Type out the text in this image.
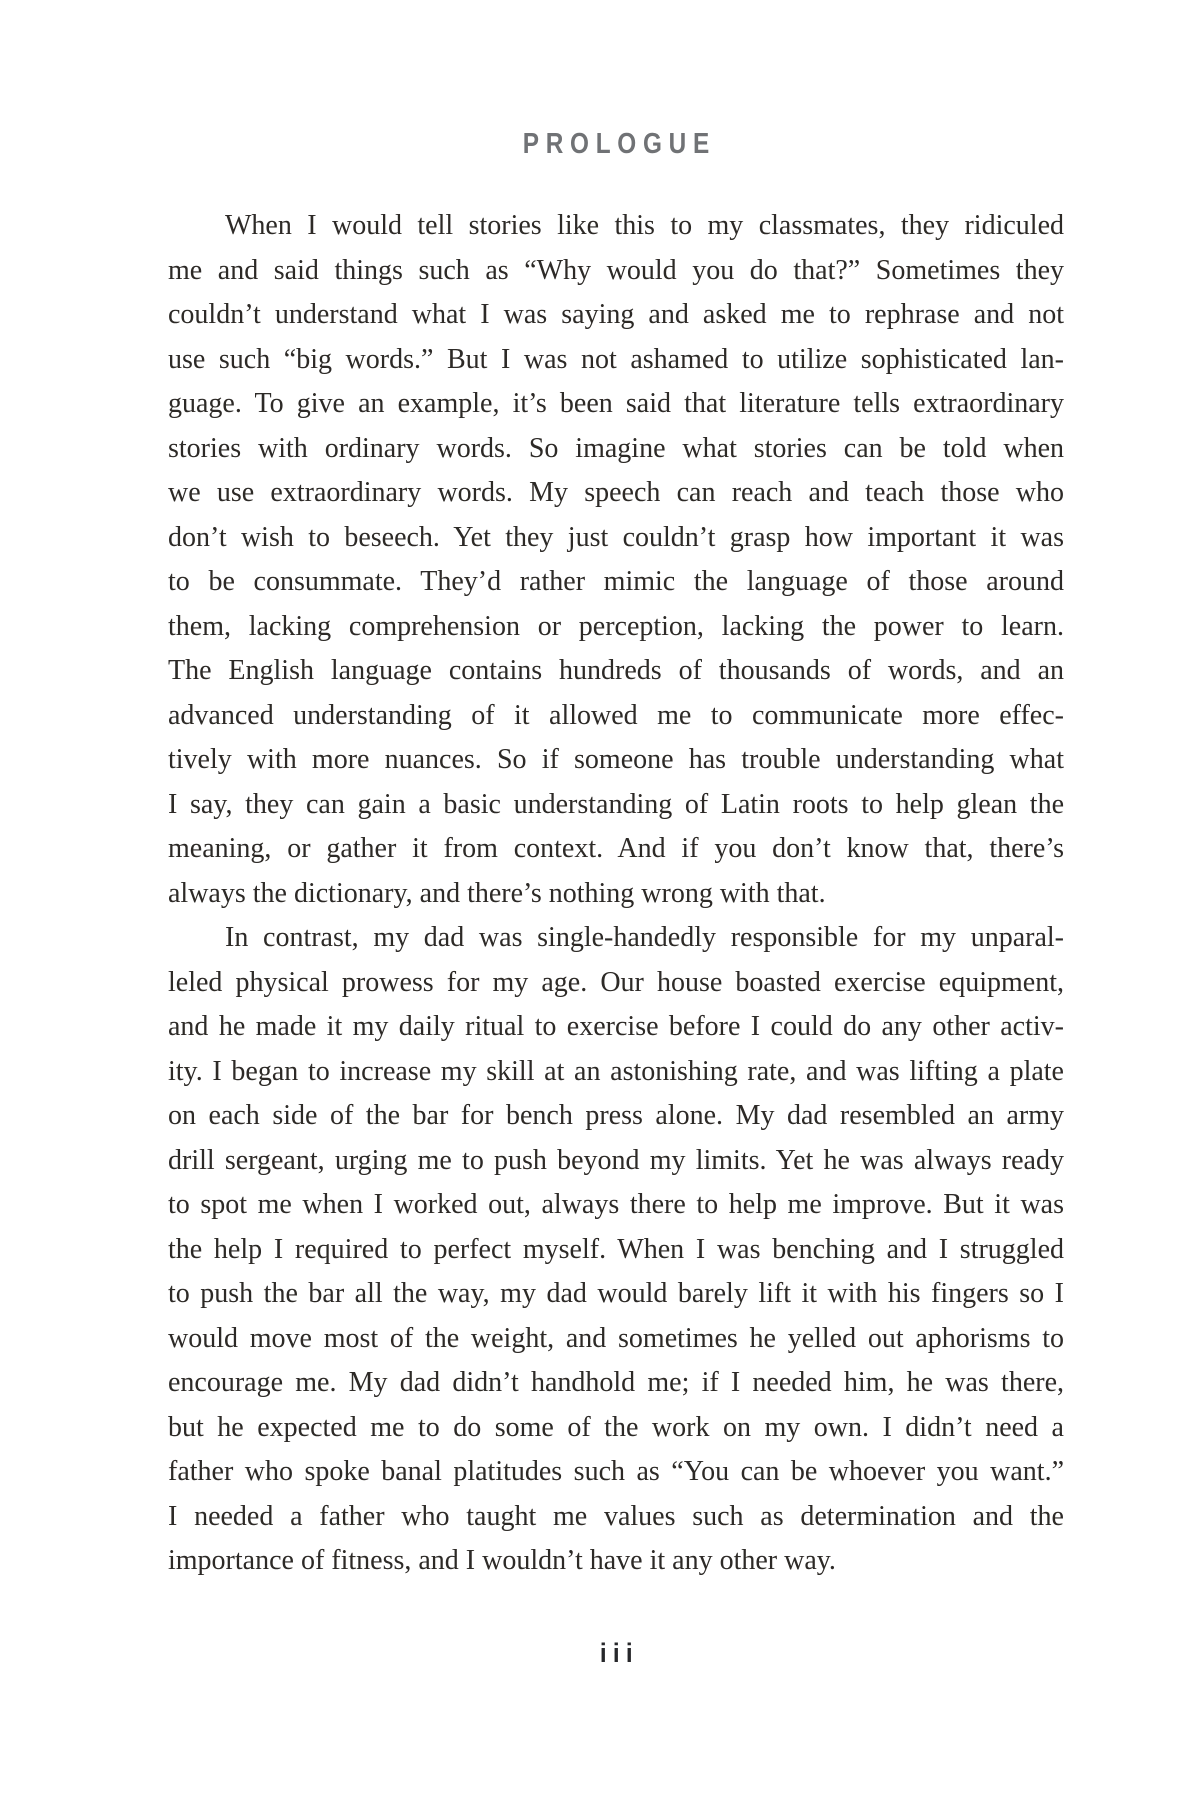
PROLOGUE
When I would tell stories like this to my classmates, they ridiculed
me and said things such as “Why would you do that?” Sometimes they
couldn’t understand what I was saying and asked me to rephrase and not
use such “big words.” But I was not ashamed to utilize sophisticated lan-
guage. To give an example, it’s been said that literature tells extraordinary
stories with ordinary words. So imagine what stories can be told when
we use extraordinary words. My speech can reach and teach those who
don’t wish to beseech. Yet they just couldn’t grasp how important it was
to be consummate. They’d rather mimic the language of those around
them, lacking comprehension or perception, lacking the power to learn.
The English language contains hundreds of thousands of words, and an
advanced understanding of it allowed me to communicate more effec-
tively with more nuances. So if someone has trouble understanding what
I say, they can gain a basic understanding of Latin roots to help glean the
meaning, or gather it from context. And if you don’t know that, there’s
always the dictionary, and there’s nothing wrong with that.
In contrast, my dad was single-handedly responsible for my unparal-
leled physical prowess for my age. Our house boasted exercise equipment,
and he made it my daily ritual to exercise before I could do any other activ-
ity. I began to increase my skill at an astonishing rate, and was lifting a plate
on each side of the bar for bench press alone. My dad resembled an army
drill sergeant, urging me to push beyond my limits. Yet he was always ready
to spot me when I worked out, always there to help me improve. But it was
the help I required to perfect myself. When I was benching and I struggled
to push the bar all the way, my dad would barely lift it with his fingers so I
would move most of the weight, and sometimes he yelled out aphorisms to
encourage me. My dad didn’t handhold me; if I needed him, he was there,
but he expected me to do some of the work on my own. I didn’t need a
father who spoke banal platitudes such as “You can be whoever you want.”
I needed a father who taught me values such as determination and the
importance of fitness, and I wouldn’t have it any other way.
iii
